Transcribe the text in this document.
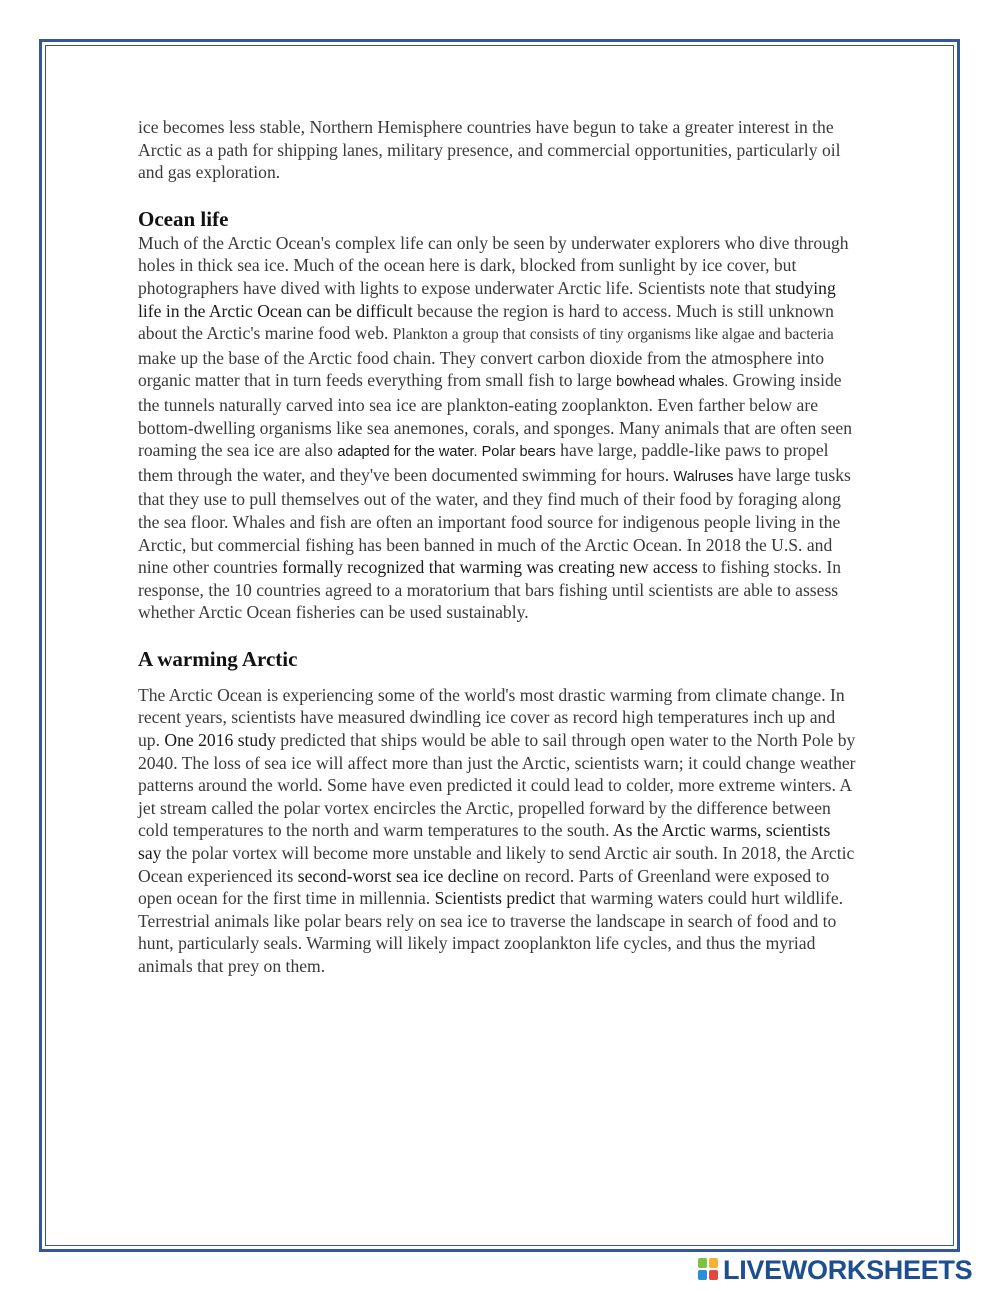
ice becomes less stable, Northern Hemisphere countries have begun to take a greater interest in the Arctic as a path for shipping lanes, military presence, and commercial opportunities, particularly oil and gas exploration.

Ocean life

Much of the Arctic Ocean's complex life can only be seen by underwater explorers who dive through holes in thick sea ice. Much of the ocean here is dark, blocked from sunlight by ice cover, but photographers have dived with lights to expose underwater Arctic life. Scientists note that studying life in the Arctic Ocean can be difficult because the region is hard to access. Much is still unknown about the Arctic's marine food web. Plankton a group that consists of tiny organisms like algae and bacteria make up the base of the Arctic food chain. They convert carbon dioxide from the atmosphere into organic matter that in turn feeds everything from small fish to large bowhead whales. Growing inside the tunnels naturally carved into sea ice are plankton-eating zooplankton. Even farther below are bottom-dwelling organisms like sea anemones, corals, and sponges. Many animals that are often seen roaming the sea ice are also adapted for the water. Polar bears have large, paddle-like paws to propel them through the water, and they've been documented swimming for hours. Walruses have large tusks that they use to pull themselves out of the water, and they find much of their food by foraging along the sea floor. Whales and fish are often an important food source for indigenous people living in the Arctic, but commercial fishing has been banned in much of the Arctic Ocean. In 2018 the U.S. and nine other countries formally recognized that warming was creating new access to fishing stocks. In response, the 10 countries agreed to a moratorium that bars fishing until scientists are able to assess whether Arctic Ocean fisheries can be used sustainably.

A warming Arctic

The Arctic Ocean is experiencing some of the world's most drastic warming from climate change. In recent years, scientists have measured dwindling ice cover as record high temperatures inch up and up. One 2016 study predicted that ships would be able to sail through open water to the North Pole by 2040. The loss of sea ice will affect more than just the Arctic, scientists warn; it could change weather patterns around the world. Some have even predicted it could lead to colder, more extreme winters. A jet stream called the polar vortex encircles the Arctic, propelled forward by the difference between cold temperatures to the north and warm temperatures to the south. As the Arctic warms, scientists say the polar vortex will become more unstable and likely to send Arctic air south. In 2018, the Arctic Ocean experienced its second-worst sea ice decline on record. Parts of Greenland were exposed to open ocean for the first time in millennia. Scientists predict that warming waters could hurt wildlife. Terrestrial animals like polar bears rely on sea ice to traverse the landscape in search of food and to hunt, particularly seals. Warming will likely impact zooplankton life cycles, and thus the myriad animals that prey on them.

LIVEWORKSHEETS
